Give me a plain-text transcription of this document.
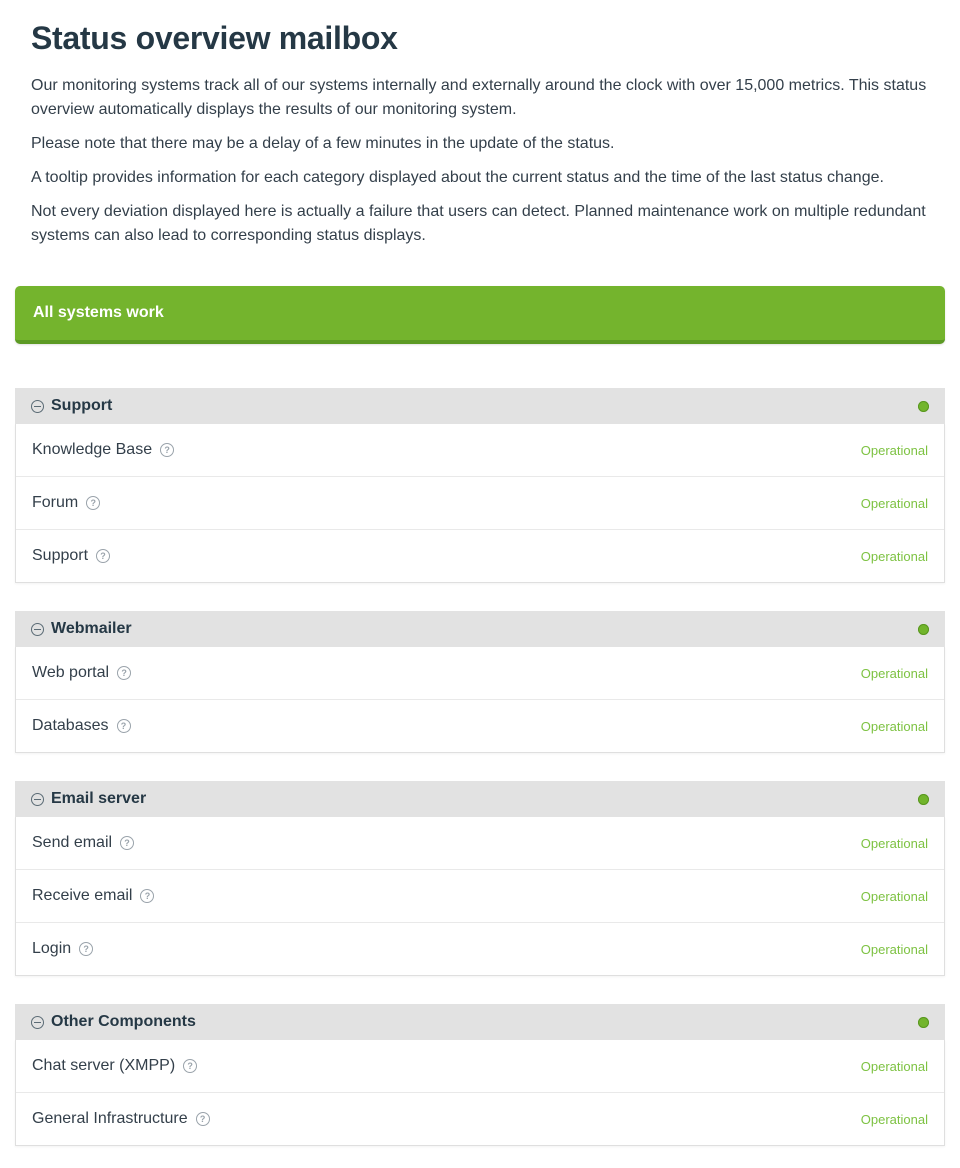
Status overview mailbox

Our monitoring systems track all of our systems internally and externally around the clock with over 15,000 metrics. This status overview automatically displays the results of our monitoring system.

Please note that there may be a delay of a few minutes in the update of the status.

A tooltip provides information for each category displayed about the current status and the time of the last status change.

Not every deviation displayed here is actually a failure that users can detect. Planned maintenance work on multiple redundant systems can also lead to corresponding status displays.

All systems work
Support
Knowledge Base	?	Operational
Forum	?	Operational
Support	?	Operational
Webmailer
Web portal	?	Operational
Databases	?	Operational
Email server
Send email	?	Operational
Receive email	?	Operational
Login	?	Operational
Other Components
Chat server (XMPP)	?	Operational
General Infrastructure	?	Operational
